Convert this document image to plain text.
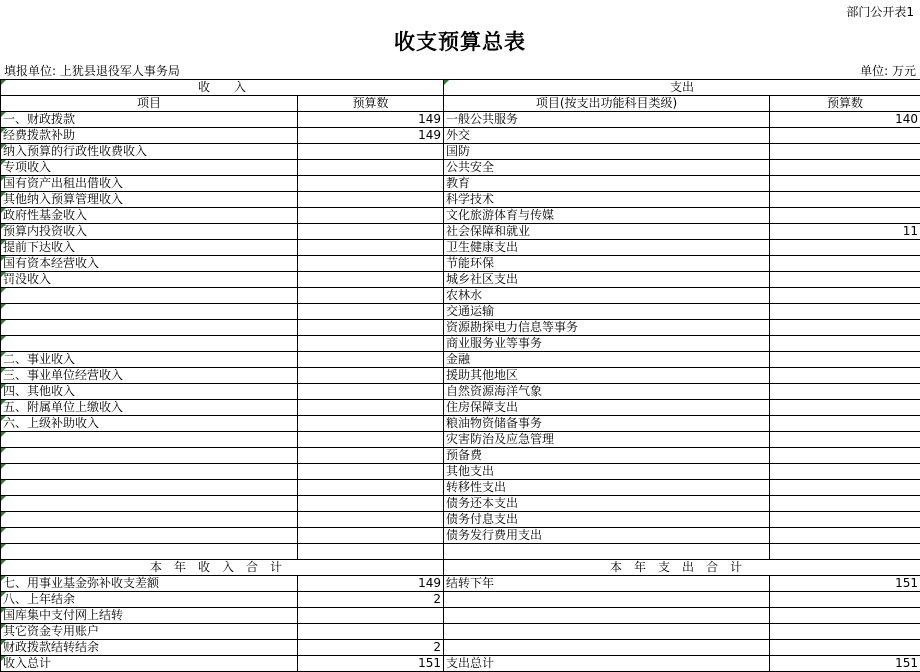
部门公开表1
收支预算总表
填报单位: 上犹县退役军人事务局	单位: 万元
收　　入		支出	
项目	预算数	项目(按支出功能科目类级)	预算数
一、财政拨款	149	一般公共服务	140
经费拨款补助	149	外交	
纳入预算的行政性收费收入		国防	
专项收入		公共安全	
国有资产出租出借收入		教育	
其他纳入预算管理收入		科学技术	
政府性基金收入		文化旅游体育与传媒	
预算内投资收入		社会保障和就业	11
提前下达收入		卫生健康支出	
国有资本经营收入		节能环保	
罚没收入		城乡社区支出	
		农林水	
		交通运输	
		资源勘探电力信息等事务	
		商业服务业等事务	
二、事业收入		金融	
三、事业单位经营收入		援助其他地区	
四、其他收入		自然资源海洋气象	
五、附属单位上缴收入		住房保障支出	
六、上级补助收入		粮油物资储备事务	
		灾害防治及应急管理	
		预备费	
		其他支出	
		转移性支出	
		债务还本支出	
		债务付息支出	
		债务发行费用支出	

本年收入合计		本年支出合计	
七、用事业基金弥补收支差额	149	结转下年	151
八、上年结余	2		
国库集中支付网上结转			
其它资金专用账户			
财政拨款结转结余	2		
收入总计	151	支出总计	151
